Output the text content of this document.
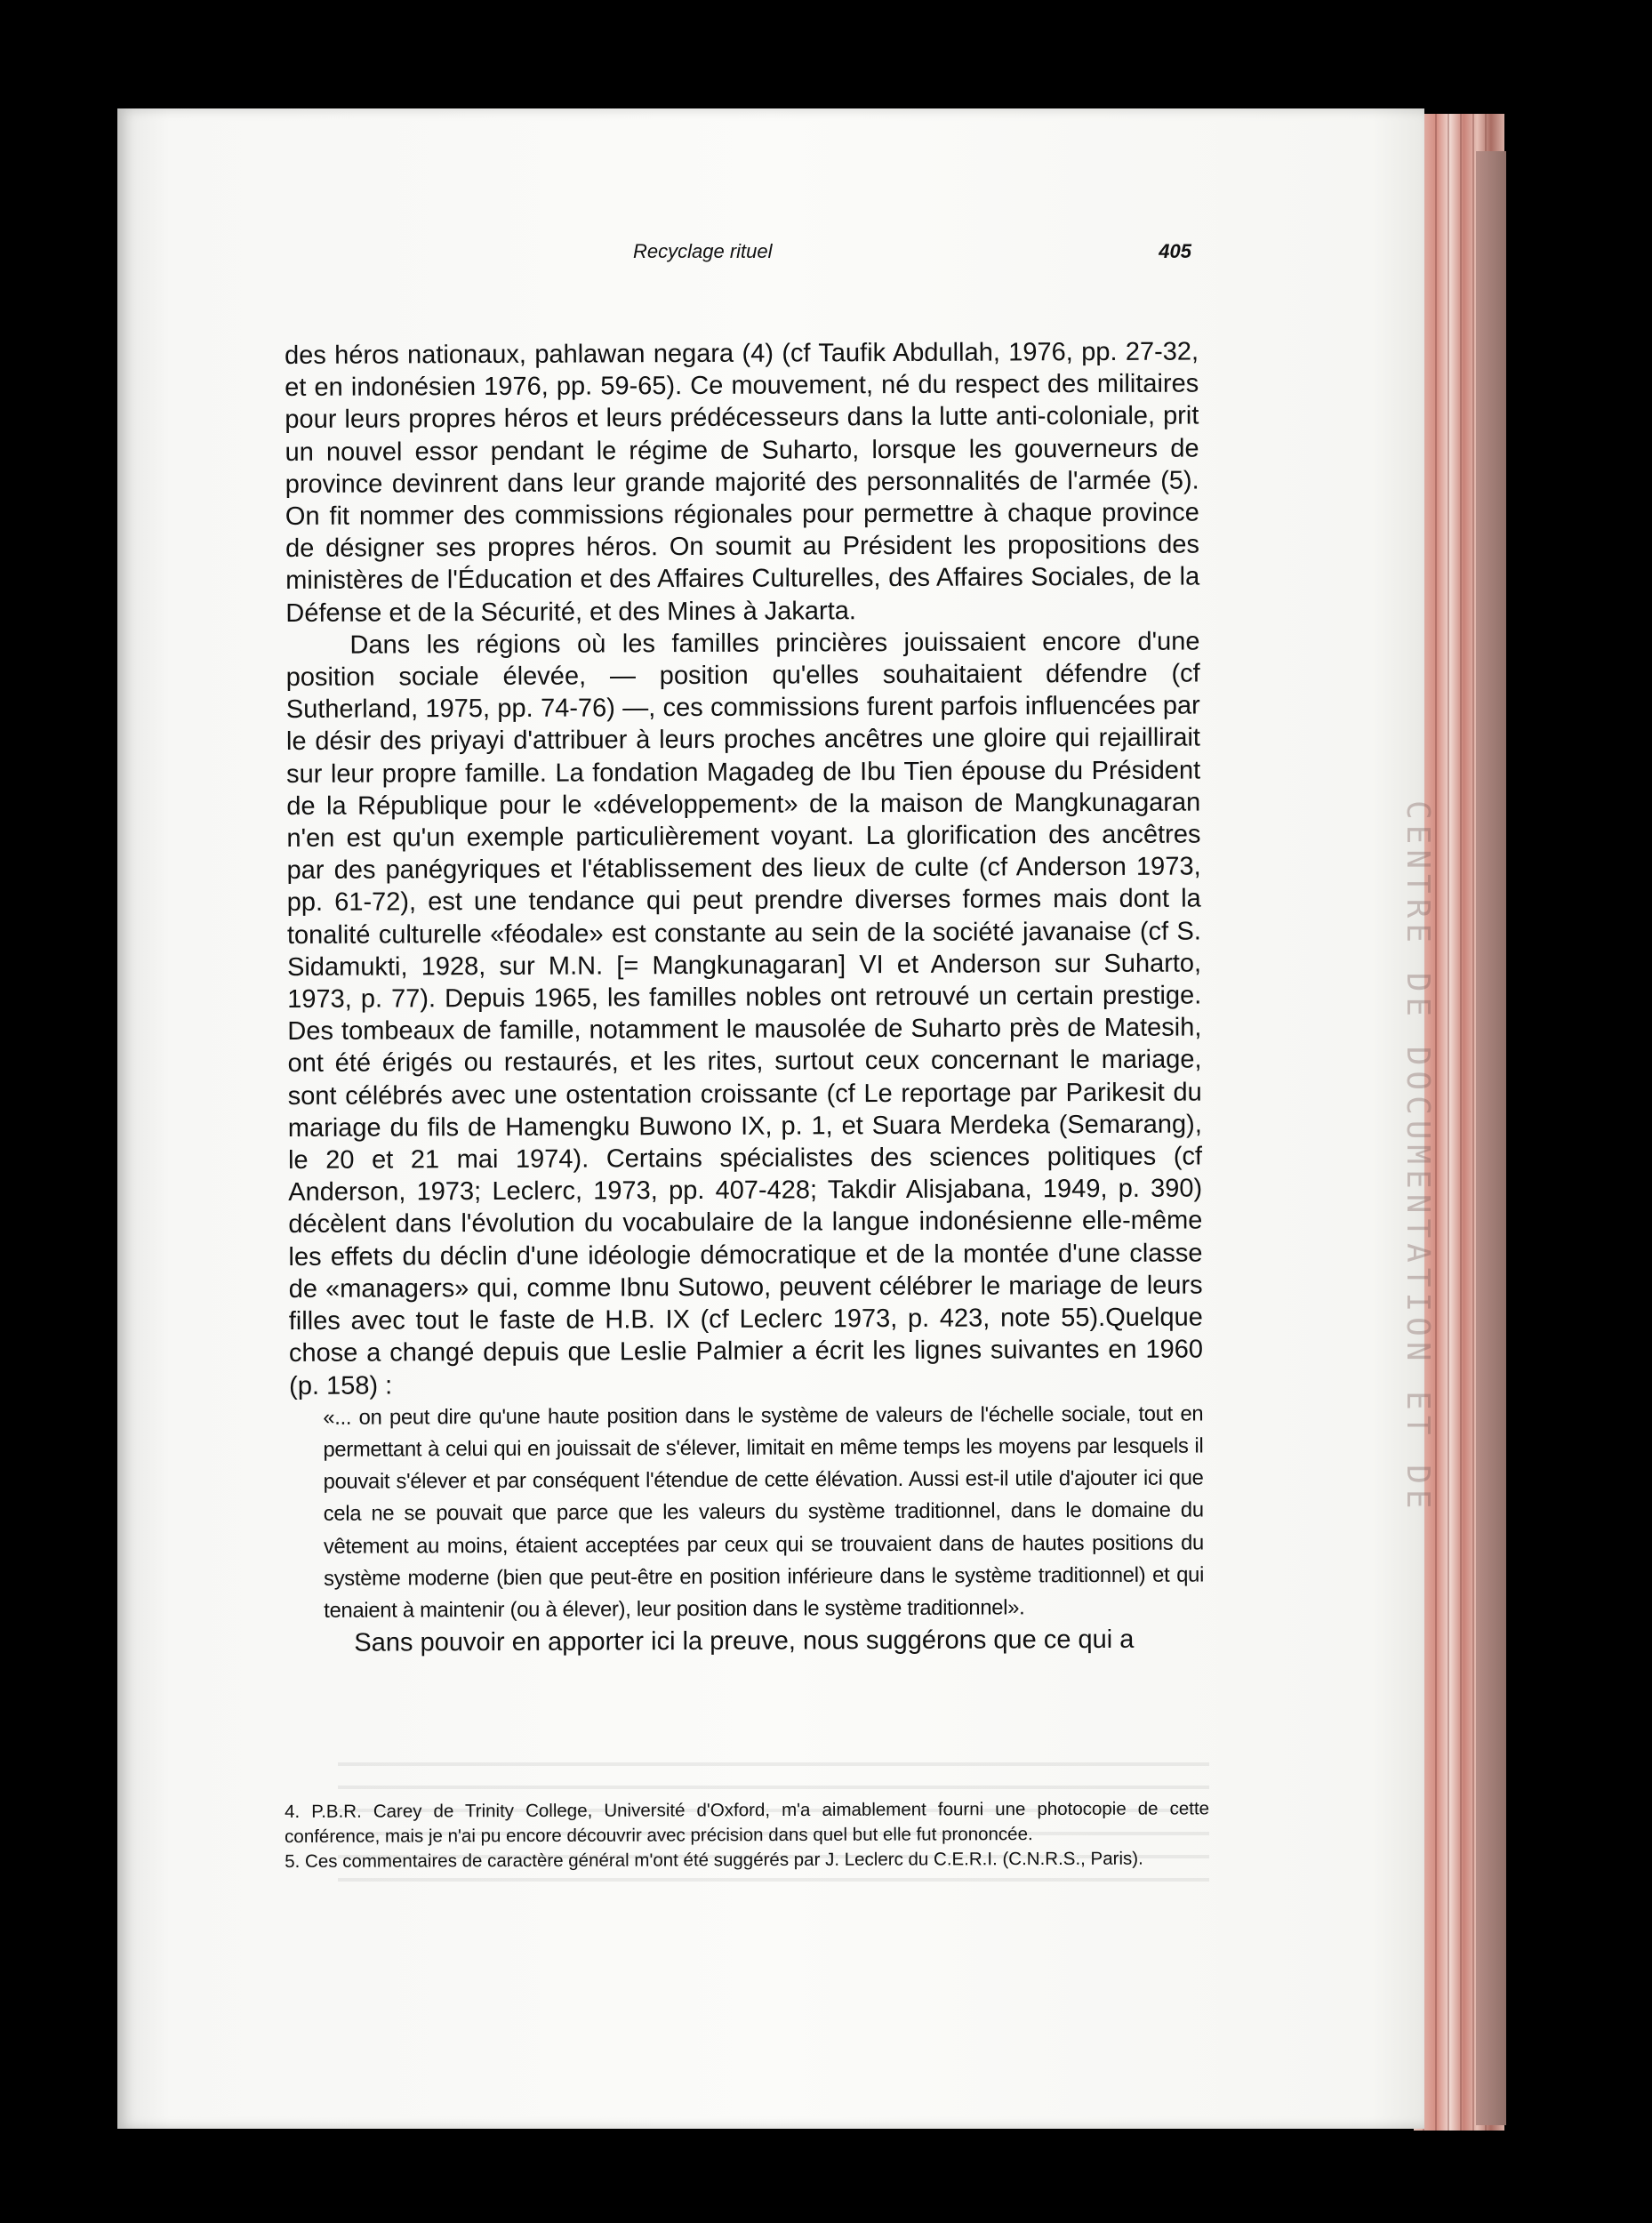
CENTRE DE DOCUMENTATION ET DE
Recyclage rituel	405

des héros nationaux, pahlawan negara (4) (cf Taufik Abdullah, 1976, pp. 27-32, et en indonésien 1976, pp. 59-65). Ce mouvement, né du respect des militaires pour leurs propres héros et leurs prédécesseurs dans la lutte anti-coloniale, prit un nouvel essor pendant le régime de Suharto, lorsque les gouverneurs de province devinrent dans leur grande majorité des personnalités de l'armée (5). On fit nommer des commissions régionales pour permettre à chaque province de désigner ses propres héros. On soumit au Président les propositions des ministères de l'Éducation et des Affaires Culturelles, des Affaires Sociales, de la Défense et de la Sécurité, et des Mines à Jakarta.

Dans les régions où les familles princières jouissaient encore d'une position sociale élevée, — position qu'elles souhaitaient défendre (cf Sutherland, 1975, pp. 74-76) —, ces commissions furent parfois influencées par le désir des priyayi d'attribuer à leurs proches ancêtres une gloire qui rejaillirait sur leur propre famille. La fondation Magadeg de Ibu Tien épouse du Président de la République pour le «développement» de la maison de Mangkunagaran n'en est qu'un exemple particulièrement voyant. La glorification des ancêtres par des panégyriques et l'établissement des lieux de culte (cf Anderson 1973, pp. 61-72), est une tendance qui peut prendre diverses formes mais dont la tonalité culturelle «féodale» est constante au sein de la société javanaise (cf S. Sidamukti, 1928, sur M.N. [= Mangkunagaran] VI et Anderson sur Suharto, 1973, p. 77). Depuis 1965, les familles nobles ont retrouvé un certain prestige. Des tombeaux de famille, notamment le mausolée de Suharto près de Matesih, ont été érigés ou restaurés, et les rites, surtout ceux concernant le mariage, sont célébrés avec une ostentation croissante (cf Le reportage par Parikesit du mariage du fils de Hamengku Buwono IX, p. 1, et Suara Merdeka (Semarang), le 20 et 21 mai 1974). Certains spécialistes des sciences politiques (cf Anderson, 1973; Leclerc, 1973, pp. 407-428; Takdir Alisjabana, 1949, p. 390) décèlent dans l'évolution du vocabulaire de la langue indonésienne elle-même les effets du déclin d'une idéologie démocratique et de la montée d'une classe de «managers» qui, comme Ibnu Sutowo, peuvent célébrer le mariage de leurs filles avec tout le faste de H.B. IX (cf Leclerc 1973, p. 423, note 55).Quelque chose a changé depuis que Leslie Palmier a écrit les lignes suivantes en 1960 (p. 158) :

«... on peut dire qu'une haute position dans le système de valeurs de l'échelle sociale, tout en permettant à celui qui en jouissait de s'élever, limitait en même temps les moyens par lesquels il pouvait s'élever et par conséquent l'étendue de cette élévation. Aussi est-il utile d'ajouter ici que cela ne se pouvait que parce que les valeurs du système traditionnel, dans le domaine du vêtement au moins, étaient acceptées par ceux qui se trouvaient dans de hautes positions du système moderne (bien que peut-être en position inférieure dans le système traditionnel) et qui tenaient à maintenir (ou à élever), leur position dans le système traditionnel».

Sans pouvoir en apporter ici la preuve, nous suggérons que ce qui a

4. P.B.R. Carey de Trinity College, Université d'Oxford, m'a aimablement fourni une photocopie de cette conférence, mais je n'ai pu encore découvrir avec précision dans quel but elle fut prononcée.

5. Ces commentaires de caractère général m'ont été suggérés par J. Leclerc du C.E.R.I. (C.N.R.S., Paris).
